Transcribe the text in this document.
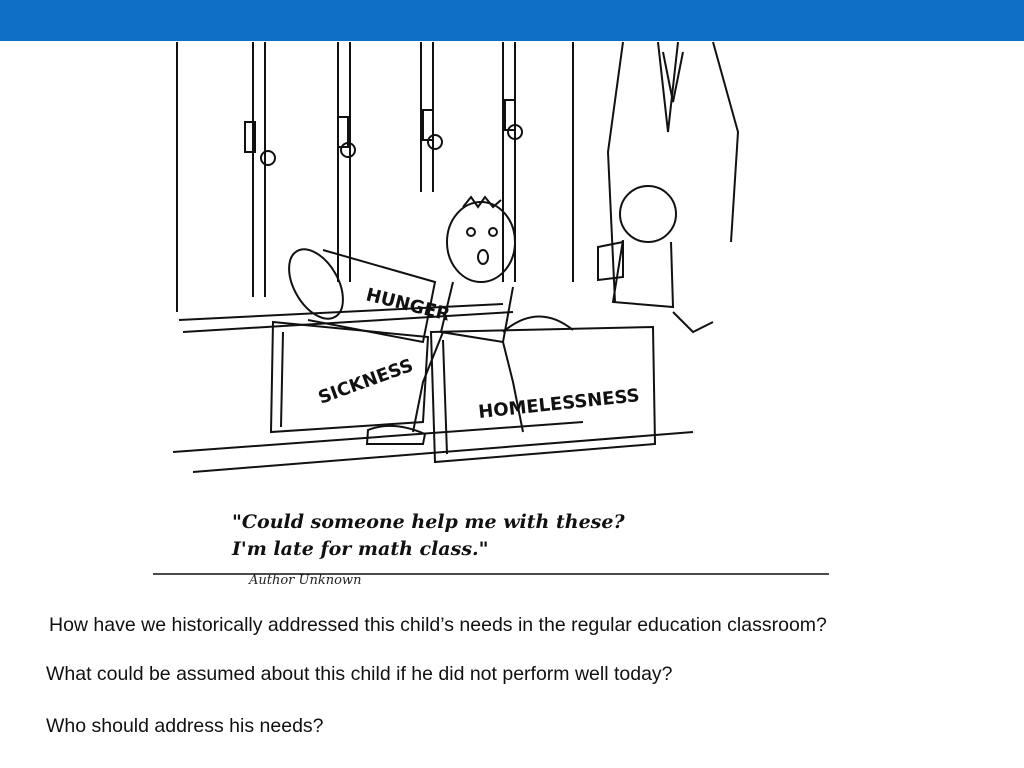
HUNGER
SICKNESS	HOMELESSNESS
"Could someone help me with these?
I'm late for math class."
Author Unknown
How have we historically addressed this child’s needs in the regular education classroom?
What could be assumed about this child if he did not perform well today?
Who should address his needs?
